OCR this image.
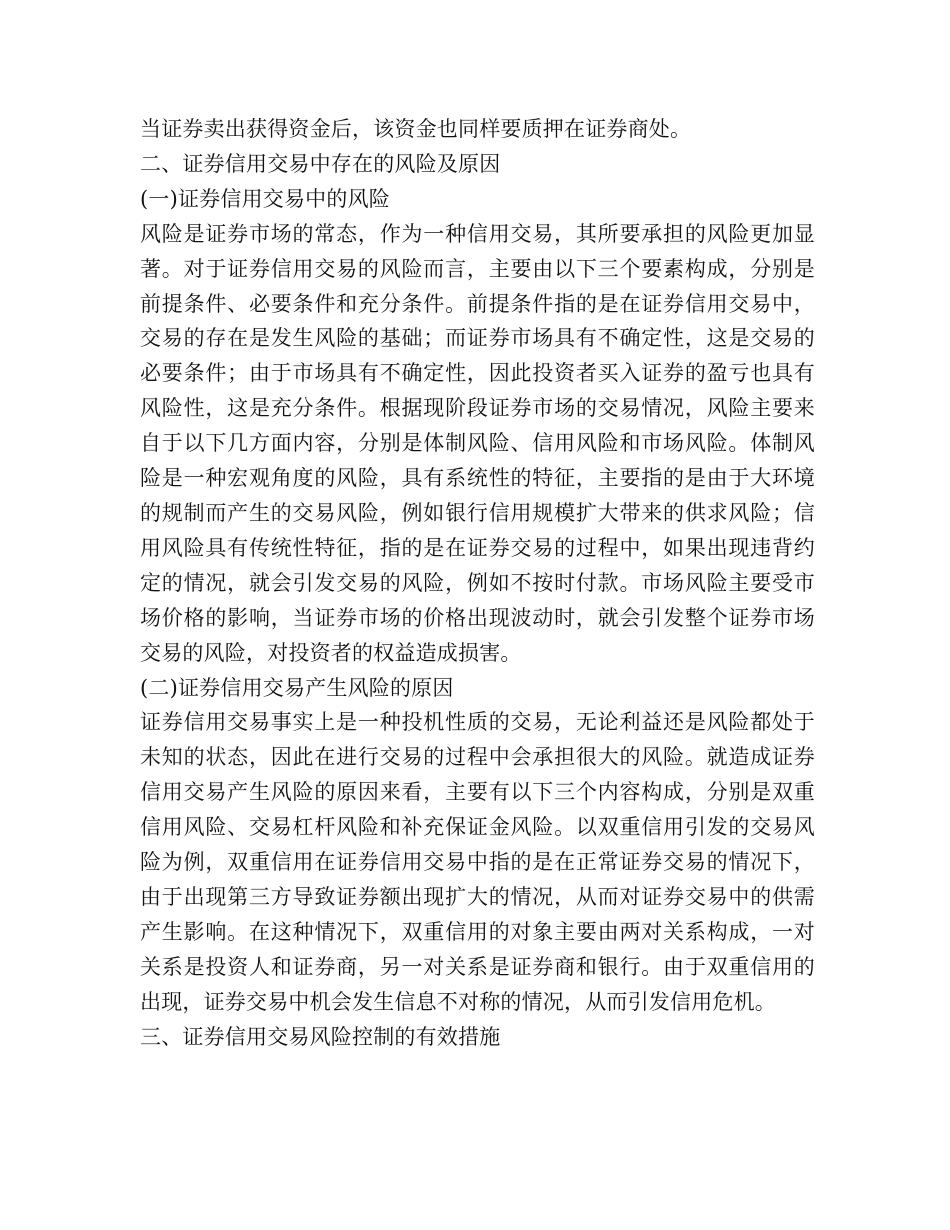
当证券卖出获得资金后，该资金也同样要质押在证券商处。
二、证券信用交易中存在的风险及原因
(一)证券信用交易中的风险
风险是证券市场的常态，作为一种信用交易，其所要承担的风险更加显
著。对于证券信用交易的风险而言，主要由以下三个要素构成，分别是
前提条件、必要条件和充分条件。前提条件指的是在证券信用交易中，
交易的存在是发生风险的基础；而证券市场具有不确定性，这是交易的
必要条件；由于市场具有不确定性，因此投资者买入证券的盈亏也具有
风险性，这是充分条件。根据现阶段证券市场的交易情况，风险主要来
自于以下几方面内容，分别是体制风险、信用风险和市场风险。体制风
险是一种宏观角度的风险，具有系统性的特征，主要指的是由于大环境
的规制而产生的交易风险，例如银行信用规模扩大带来的供求风险；信
用风险具有传统性特征，指的是在证券交易的过程中，如果出现违背约
定的情况，就会引发交易的风险，例如不按时付款。市场风险主要受市
场价格的影响，当证券市场的价格出现波动时，就会引发整个证券市场
交易的风险，对投资者的权益造成损害。
(二)证券信用交易产生风险的原因
证券信用交易事实上是一种投机性质的交易，无论利益还是风险都处于
未知的状态，因此在进行交易的过程中会承担很大的风险。就造成证券
信用交易产生风险的原因来看，主要有以下三个内容构成，分别是双重
信用风险、交易杠杆风险和补充保证金风险。以双重信用引发的交易风
险为例，双重信用在证券信用交易中指的是在正常证券交易的情况下，
由于出现第三方导致证券额出现扩大的情况，从而对证券交易中的供需
产生影响。在这种情况下，双重信用的对象主要由两对关系构成，一对
关系是投资人和证券商，另一对关系是证券商和银行。由于双重信用的
出现，证券交易中机会发生信息不对称的情况，从而引发信用危机。
三、证券信用交易风险控制的有效措施
